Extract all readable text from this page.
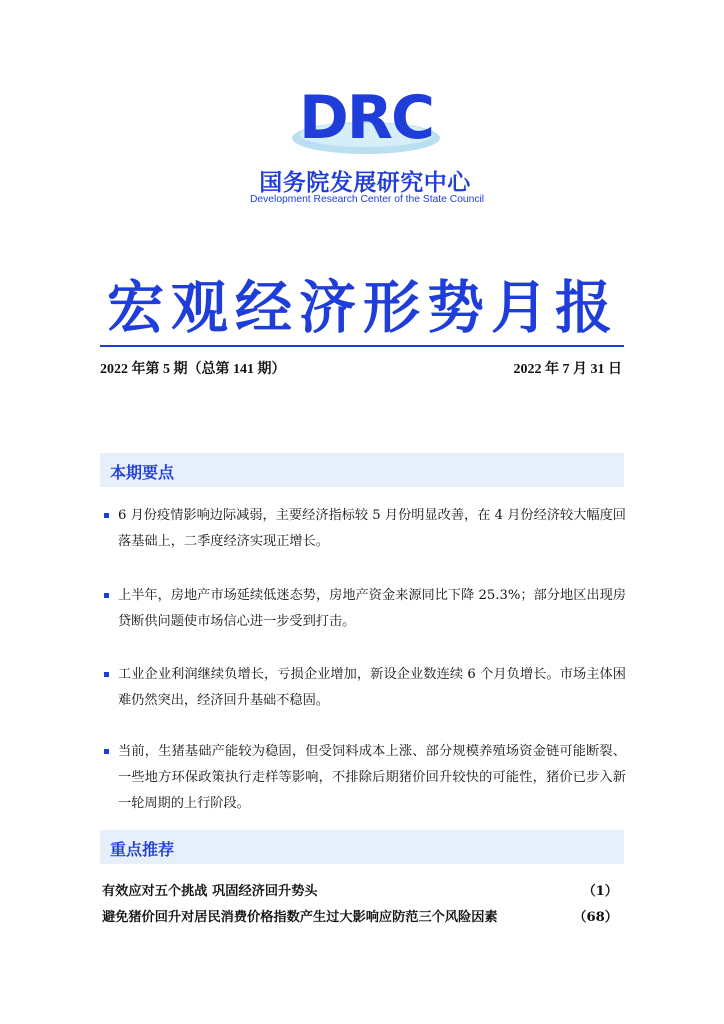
DRC
国务院发展研究中心
Development Research Center of the State Council
宏观经济形势月报
2022 年第 5 期（总第 141 期）	2022 年 7 月 31 日
本期要点
6 月份疫情影响边际减弱，主要经济指标较 5 月份明显改善，在 4 月份经济较大幅度回落基础上，二季度经济实现正增长。
上半年，房地产市场延续低迷态势，房地产资金来源同比下降 25.3%；部分地区出现房贷断供问题使市场信心进一步受到打击。
工业企业利润继续负增长，亏损企业增加，新设企业数连续 6 个月负增长。市场主体困难仍然突出，经济回升基础不稳固。
当前，生猪基础产能较为稳固，但受饲料成本上涨、部分规模养殖场资金链可能断裂、一些地方环保政策执行走样等影响，不排除后期猪价回升较快的可能性，猪价已步入新一轮周期的上行阶段。
重点推荐
有效应对五个挑战 巩固经济回升势头	（1）
避免猪价回升对居民消费价格指数产生过大影响应防范三个风险因素	（68）
